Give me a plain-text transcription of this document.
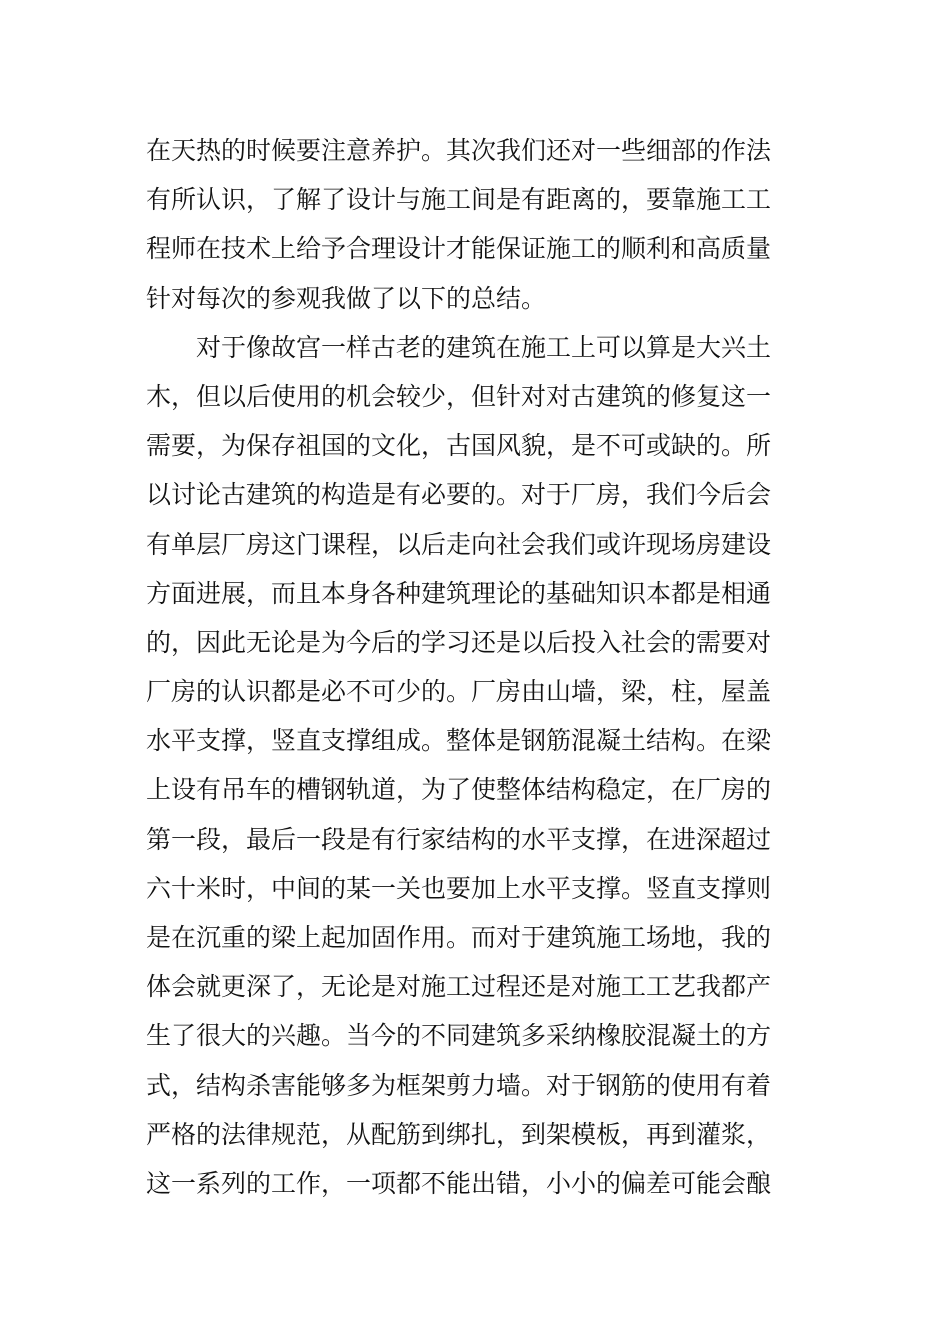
在天热的时候要注意养护。其次我们还对一些细部的作法
有所认识，了解了设计与施工间是有距离的，要靠施工工
程师在技术上给予合理设计才能保证施工的顺利和高质量
针对每次的参观我做了以下的总结。
　　对于像故宫一样古老的建筑在施工上可以算是大兴土
木，但以后使用的机会较少，但针对对古建筑的修复这一
需要，为保存祖国的文化，古国风貌，是不可或缺的。所
以讨论古建筑的构造是有必要的。对于厂房，我们今后会
有单层厂房这门课程，以后走向社会我们或许现场房建设
方面进展，而且本身各种建筑理论的基础知识本都是相通
的，因此无论是为今后的学习还是以后投入社会的需要对
厂房的认识都是必不可少的。厂房由山墙，梁，柱，屋盖
水平支撑，竖直支撑组成。整体是钢筋混凝土结构。在梁
上设有吊车的槽钢轨道，为了使整体结构稳定，在厂房的
第一段，最后一段是有行家结构的水平支撑，在进深超过
六十米时，中间的某一关也要加上水平支撑。竖直支撑则
是在沉重的梁上起加固作用。而对于建筑施工场地，我的
体会就更深了，无论是对施工过程还是对施工工艺我都产
生了很大的兴趣。当今的不同建筑多采纳橡胶混凝土的方
式，结构杀害能够多为框架剪力墙。对于钢筋的使用有着
严格的法律规范，从配筋到绑扎，到架模板，再到灌浆，
这一系列的工作，一项都不能出错，小小的偏差可能会酿
